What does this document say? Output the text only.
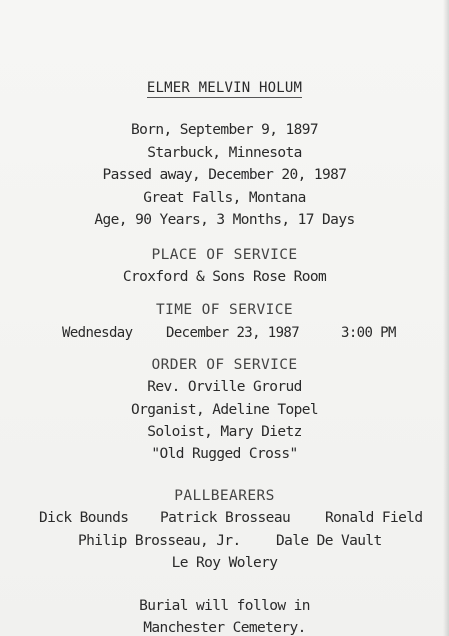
ELMER MELVIN HOLUM
Born, September 9, 1897
Starbuck, Minnesota
Passed away, December 20, 1987
Great Falls, Montana
Age, 90 Years, 3 Months, 17 Days
PLACE OF SERVICE
Croxford & Sons Rose Room
TIME OF SERVICE
Wednesday December 23, 1987	3:00 PM
ORDER OF SERVICE
Rev. Orville Grorud
Organist, Adeline Topel
Soloist, Mary Dietz
"Old Rugged Cross"
PALLBEARERS
Dick Bounds Patrick Brosseau Ronald Field
Philip Brosseau, Jr. Dale De Vault
Le Roy Wolery
Burial will follow in
Manchester Cemetery.
